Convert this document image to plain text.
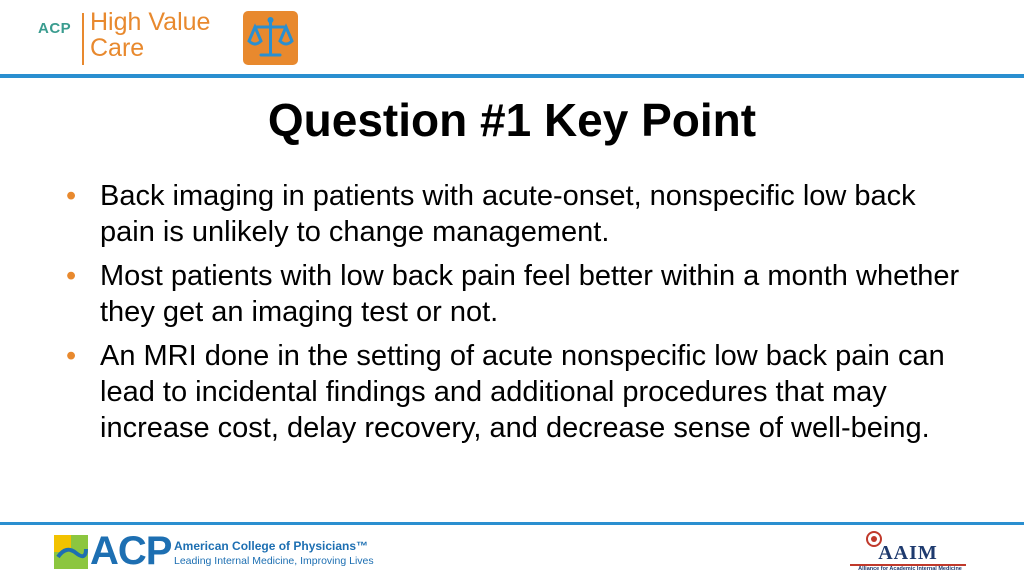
ACP High Value
Care
Question #1 Key Point
• Back imaging in patients with acute-onset, nonspecific low back pain is unlikely to change management.
• Most patients with low back pain feel better within a month whether they get an imaging test or not.
• An MRI done in the setting of acute nonspecific low back pain can lead to incidental findings and additional procedures that may increase cost, delay recovery, and decrease sense of well-being.
ACP American College of Physicians™
Leading Internal Medicine, Improving Lives	AAIM
Alliance for Academic Internal Medicine
